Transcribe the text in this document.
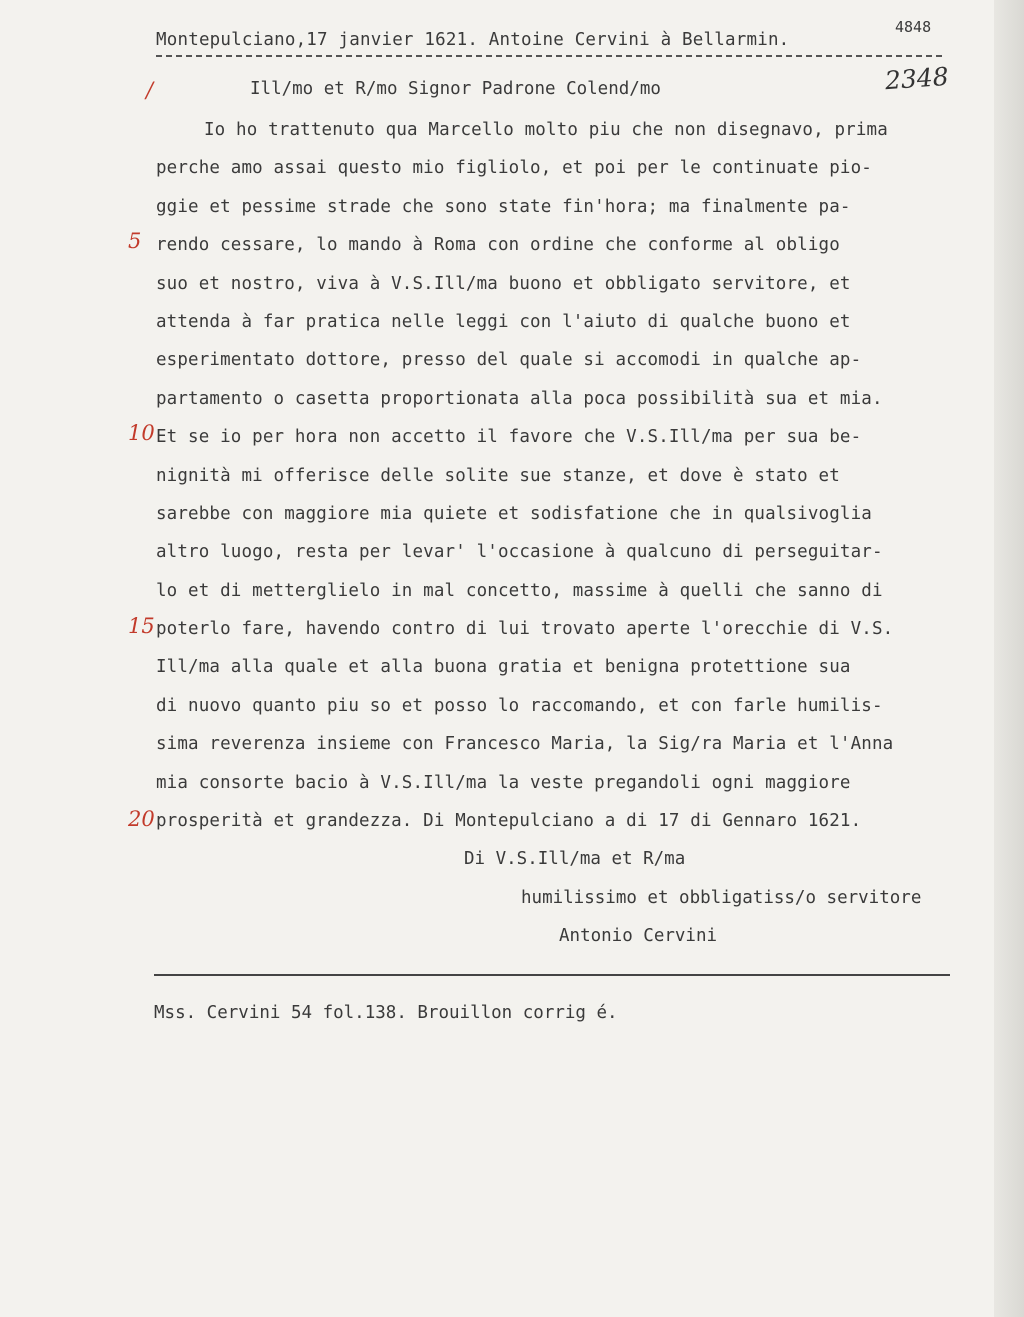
Montepulciano,17 janvier 1621. Antoine Cervini à Bellarmin.
4848
2348
/	Ill/mo et R/mo Signor Padrone Colend/mo
Io ho trattenuto qua Marcello molto piu che non disegnavo, prima
perche amo assai questo mio figliolo, et poi per le continuate pio-
ggie et pessime strade che sono state fin'hora; ma finalmente pa-
rendo cessare, lo mando à Roma con ordine che conforme al obligo
suo et nostro, viva à V.S.Ill/ma buono et obbligato servitore, et
attenda à far pratica nelle leggi con l'aiuto di qualche buono et
esperimentato dottore, presso del quale si accomodi in qualche ap-
partamento o casetta proportionata alla poca possibilità sua et mia.
Et se io per hora non accetto il favore che V.S.Ill/ma per sua be-
nignità mi offerisce delle solite sue stanze, et dove è stato et
sarebbe con maggiore mia quiete et sodisfatione che in qualsivoglia
altro luogo, resta per levar' l'occasione à qualcuno di perseguitar-
lo et di metterglielo in mal concetto, massime à quelli che sanno di
poterlo fare, havendo contro di lui trovato aperte l'orecchie di V.S.
Ill/ma alla quale et alla buona gratia et benigna protettione sua
di nuovo quanto piu so et posso lo raccomando, et con farle humilis-
sima reverenza insieme con Francesco Maria, la Sig/ra Maria et l'Anna
mia consorte bacio à V.S.Ill/ma la veste pregandoli ogni maggiore
prosperità et grandezza. Di Montepulciano a di 17 di Gennaro 1621.
5
10
15
20
Di V.S.Ill/ma et R/ma
humilissimo et obbligatiss/o servitore
Antonio Cervini
Mss. Cervini 54 fol.138. Brouillon corrig é.
